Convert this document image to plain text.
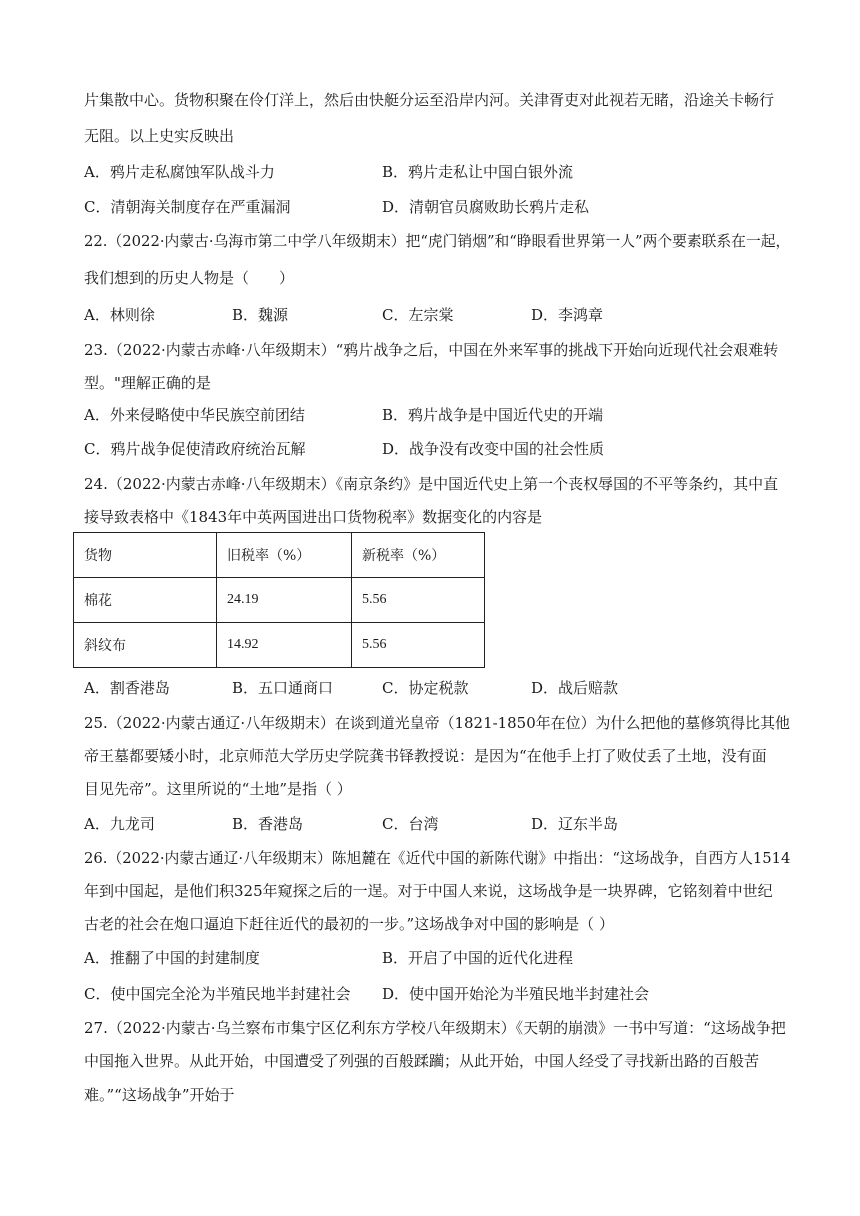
片集散中心。货物积聚在伶仃洋上，然后由快艇分运至沿岸内河。关津胥吏对此视若无睹，沿途关卡畅行
无阻。以上史实反映出
A．鸦片走私腐蚀军队战斗力	B．鸦片走私让中国白银外流
C．清朝海关制度存在严重漏洞	D．清朝官员腐败助长鸦片走私
22.（2022·内蒙古·乌海市第二中学八年级期末）把“虎门销烟”和“睁眼看世界第一人”两个要素联系在一起，
我们想到的历史人物是（　　）
A．林则徐	B．魏源	C．左宗棠	D．李鸿章
23.（2022·内蒙古赤峰·八年级期末）“鸦片战争之后，中国在外来军事的挑战下开始向近现代社会艰难转
型。"理解正确的是
A．外来侵略使中华民族空前团结	B．鸦片战争是中国近代史的开端
C．鸦片战争促使清政府统治瓦解	D．战争没有改变中国的社会性质
24.（2022·内蒙古赤峰·八年级期末）《南京条约》是中国近代史上第一个丧权辱国的不平等条约，其中直
接导致表格中《1843年中英两国进出口货物税率》数据变化的内容是
货物	旧税率（%）	新税率（%）
棉花	24.19	5.56
斜纹布	14.92	5.56
A．割香港岛	B．五口通商口	C．协定税款	D．战后赔款
25.（2022·内蒙古通辽·八年级期末）在谈到道光皇帝（1821-1850年在位）为什么把他的墓修筑得比其他
帝王墓都要矮小时，北京师范大学历史学院龚书铎教授说：是因为“在他手上打了败仗丢了土地，没有面
目见先帝”。这里所说的“土地”是指（ ）
A．九龙司	B．香港岛	C．台湾	D．辽东半岛
26.（2022·内蒙古通辽·八年级期末）陈旭麓在《近代中国的新陈代谢》中指出：“这场战争，自西方人1514
年到中国起，是他们积325年窥探之后的一逞。对于中国人来说，这场战争是一块界碑，它铭刻着中世纪
古老的社会在炮口逼迫下赶往近代的最初的一步。”这场战争对中国的影响是（ ）
A．推翻了中国的封建制度	B．开启了中国的近代化进程
C．使中国完全沦为半殖民地半封建社会 D．使中国开始沦为半殖民地半封建社会
27.（2022·内蒙古·乌兰察布市集宁区亿利东方学校八年级期末）《天朝的崩溃》一书中写道：“这场战争把
中国拖入世界。从此开始，中国遭受了列强的百般蹂躏；从此开始，中国人经受了寻找新出路的百般苦
难。”“这场战争”开始于
